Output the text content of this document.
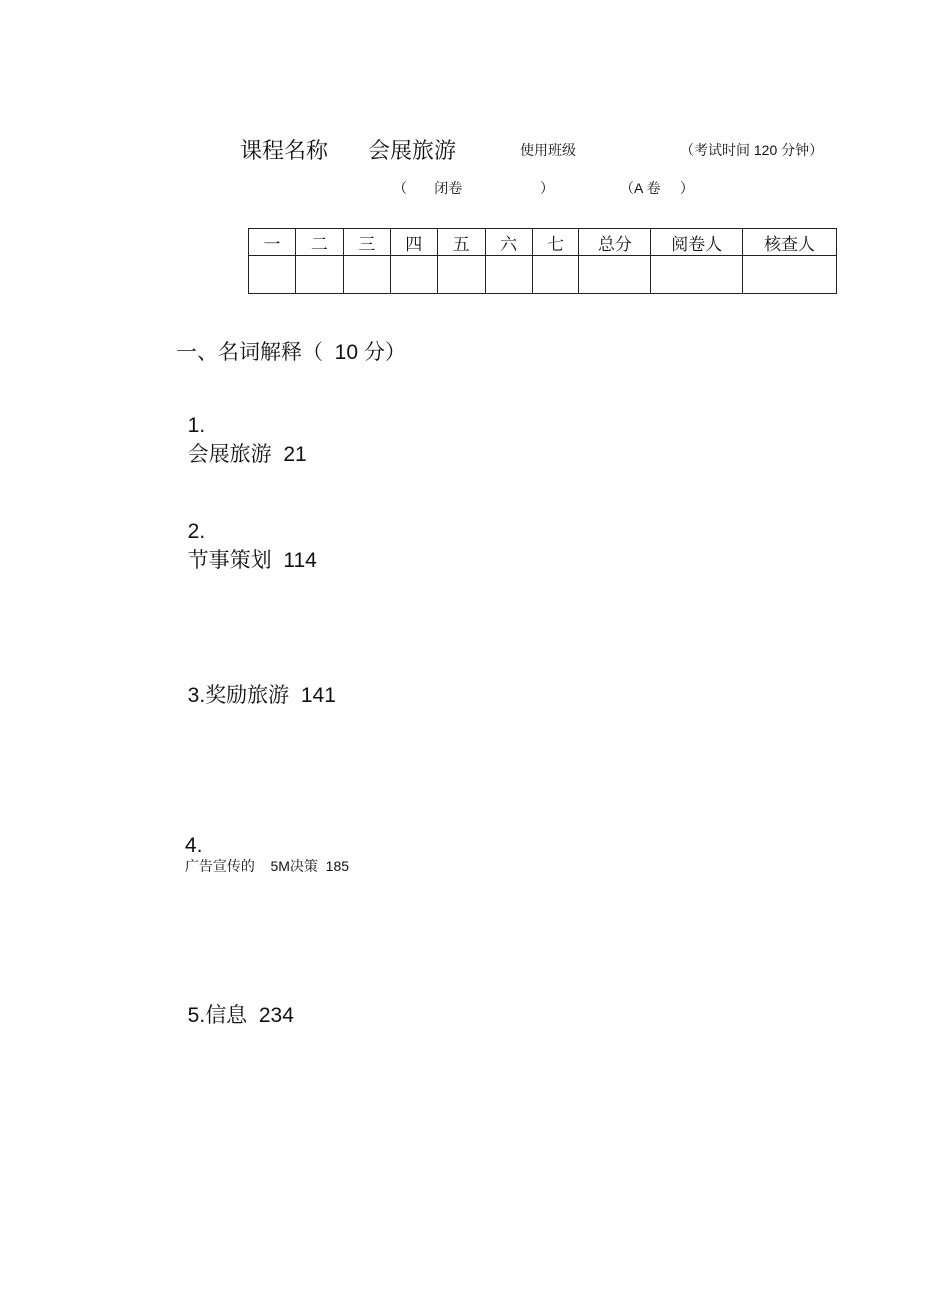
课程名称 会展旅游	使用班级	（考试时间 120 分钟）
（       闭卷                    ）	（A 卷     ）
一	二	三	四	五	六	七	总分	阅卷人	核查人

一、名词解释（  10 分）

1.
会展旅游  21

2.
节事策划  114

3.奖励旅游  141

4.
广告宣传的    5M决策  185

5.信息  234
